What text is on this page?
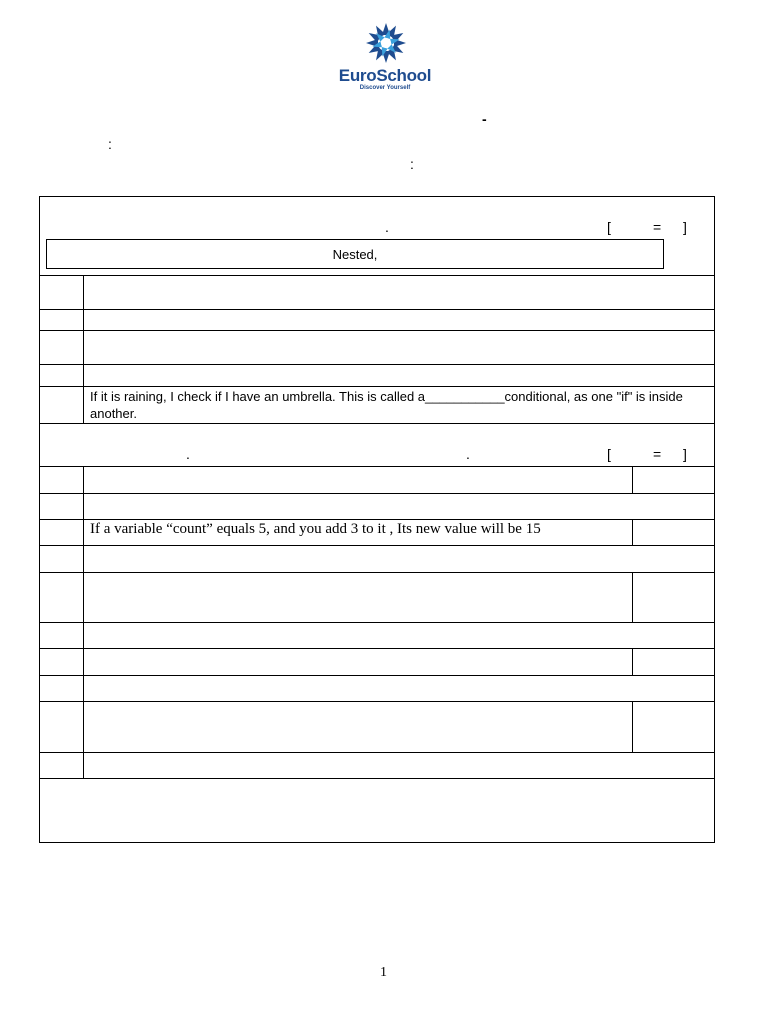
EuroSchool
Discover Yourself
-
:
:
.	[	= ]
Nested,
If it is raining, I check if I have an umbrella. This is called a___________conditional, as one "if" is inside another.
.	.	[	= ]
If a variable “count” equals 5, and you add 3 to it , Its new value will be 15
1
